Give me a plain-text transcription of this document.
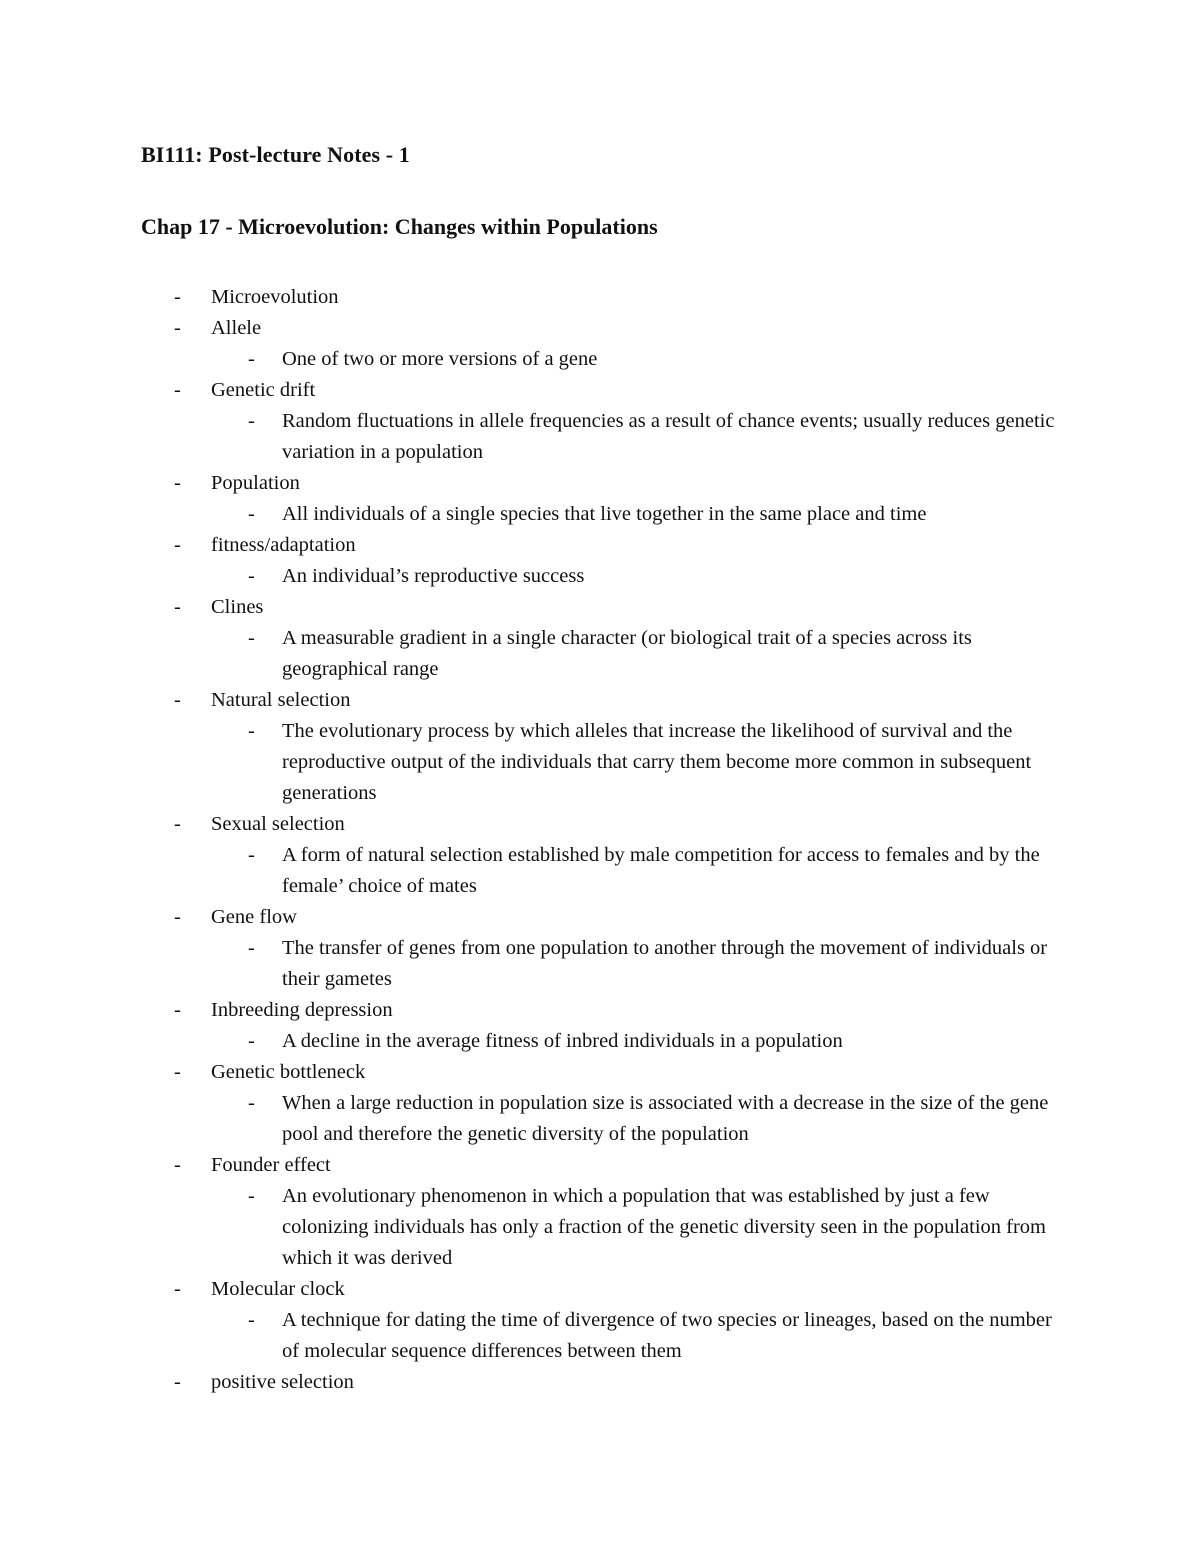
BI111: Post-lecture Notes - 1
Chap 17 - Microevolution: Changes within Populations
- Microevolution
- Allele
- One of two or more versions of a gene
- Genetic drift
- Random fluctuations in allele frequencies as a result of chance events; usually reduces genetic variation in a population
- Population
- All individuals of a single species that live together in the same place and time
- fitness/adaptation
- An individual’s reproductive success
- Clines
- A measurable gradient in a single character (or biological trait of a species across its geographical range
- Natural selection
- The evolutionary process by which alleles that increase the likelihood of survival and the reproductive output of the individuals that carry them become more common in subsequent generations
- Sexual selection
- A form of natural selection established by male competition for access to females and by the female’ choice of mates
- Gene flow
- The transfer of genes from one population to another through the movement of individuals or their gametes
- Inbreeding depression
- A decline in the average fitness of inbred individuals in a population
- Genetic bottleneck
- When a large reduction in population size is associated with a decrease in the size of the gene pool and therefore the genetic diversity of the population
- Founder effect
- An evolutionary phenomenon in which a population that was established by just a few colonizing individuals has only a fraction of the genetic diversity seen in the population from which it was derived
- Molecular clock
- A technique for dating the time of divergence of two species or lineages, based on the number of molecular sequence differences between them
- positive selection
